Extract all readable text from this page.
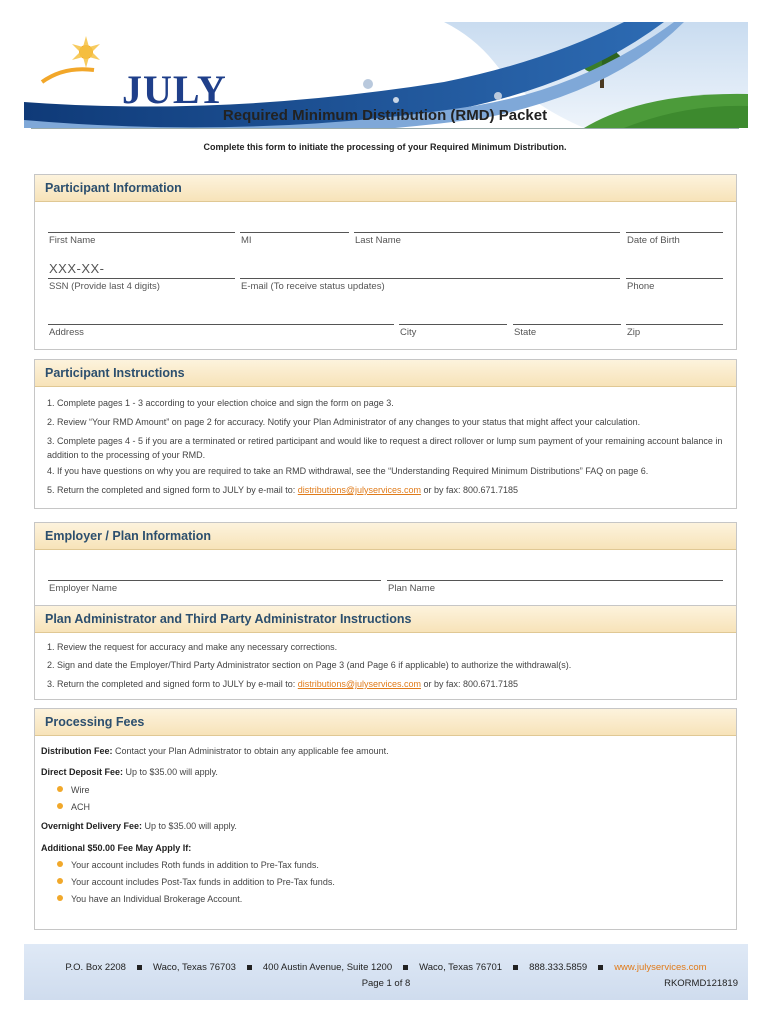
JULY
Required Minimum Distribution (RMD) Packet
Complete this form to initiate the processing of your Required Minimum Distribution.
Participant Information
First Name	MI	Last Name	Date of Birth
XXX-XX-
SSN (Provide last 4 digits)	E-mail (To receive status updates)	Phone
Address	City	State	Zip
Participant Instructions
1. Complete pages 1 - 3 according to your election choice and sign the form on page 3.
2. Review “Your RMD Amount” on page 2 for accuracy. Notify your Plan Administrator of any changes to your status that might affect your calculation.
3. Complete pages 4 - 5 if you are a terminated or retired participant and would like to request a direct rollover or lump sum payment of your remaining account balance in addition to the processing of your RMD.
4. If you have questions on why you are required to take an RMD withdrawal, see the “Understanding Required Minimum Distributions” FAQ on page 6.
5. Return the completed and signed form to JULY by e-mail to: distributions@julyservices.com or by fax: 800.671.7185
Employer / Plan Information
Employer Name	Plan Name
Plan Administrator and Third Party Administrator Instructions
1. Review the request for accuracy and make any necessary corrections.
2. Sign and date the Employer/Third Party Administrator section on Page 3 (and Page 6 if applicable) to authorize the withdrawal(s).
3. Return the completed and signed form to JULY by e-mail to: distributions@julyservices.com or by fax: 800.671.7185
Processing Fees
Distribution Fee: Contact your Plan Administrator to obtain any applicable fee amount.
Direct Deposit Fee: Up to $35.00 will apply.
Wire
ACH
Overnight Delivery Fee: Up to $35.00 will apply.
Additional $50.00 Fee May Apply If:
Your account includes Roth funds in addition to Pre-Tax funds.
Your account includes Post-Tax funds in addition to Pre-Tax funds.
You have an Individual Brokerage Account.
P.O. Box 2208	Waco, Texas 76703	400 Austin Avenue, Suite 1200	Waco, Texas 76701	888.333.5859	www.julyservices.com
Page 1 of 8	RKORMD121819
